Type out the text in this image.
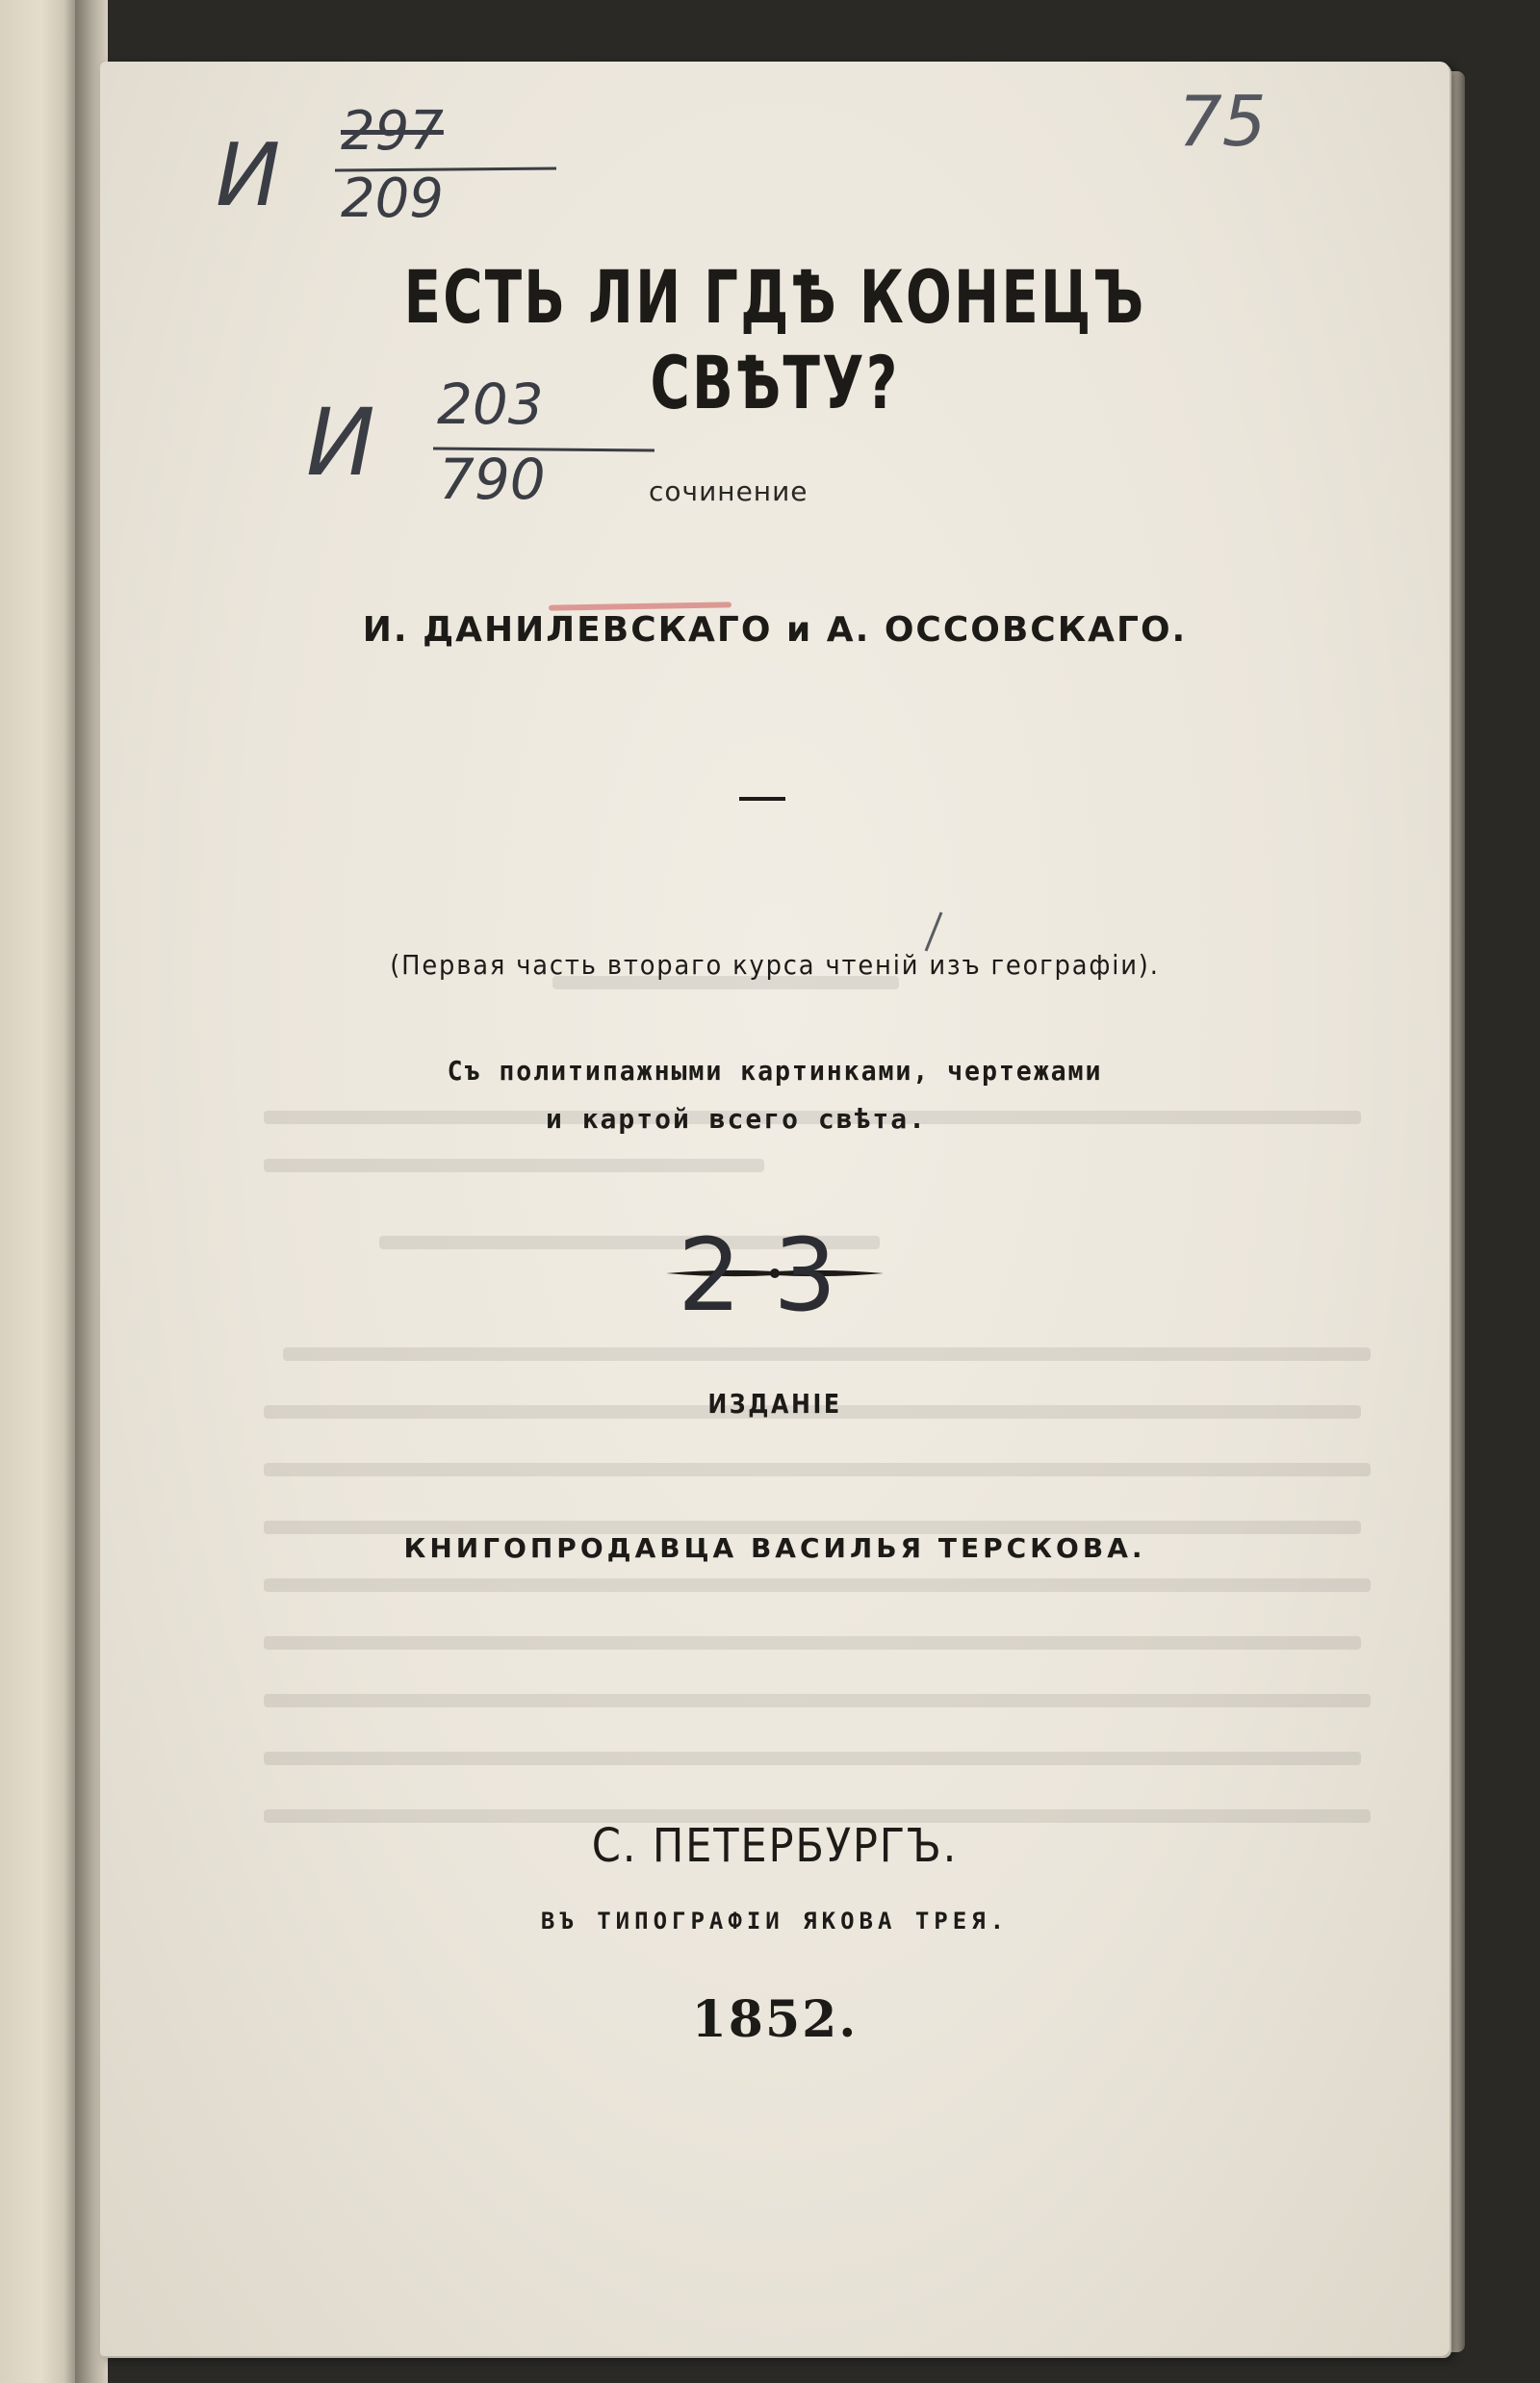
И 297

209

75

И 203

790

ЕСТЬ ЛИ ГДѢ КОНЕЦЪ СВѢТУ?

сочинение

И. ДАНИЛЕВСКАГО и А. ОССОВСКАГО.

(Первая часть втораго курса чтеній изъ географіи).

Съ политипажными картинками, чертежами

и картой всего свѣта.

2 3

ИЗДАНІЕ

КНИГОПРОДАВЦА ВАСИЛЬЯ ТЕРСКОВА.

С. ПЕТЕРБУРГЪ.

ВЪ ТИПОГРАФІИ ЯКОВА ТРЕЯ.

1852.
